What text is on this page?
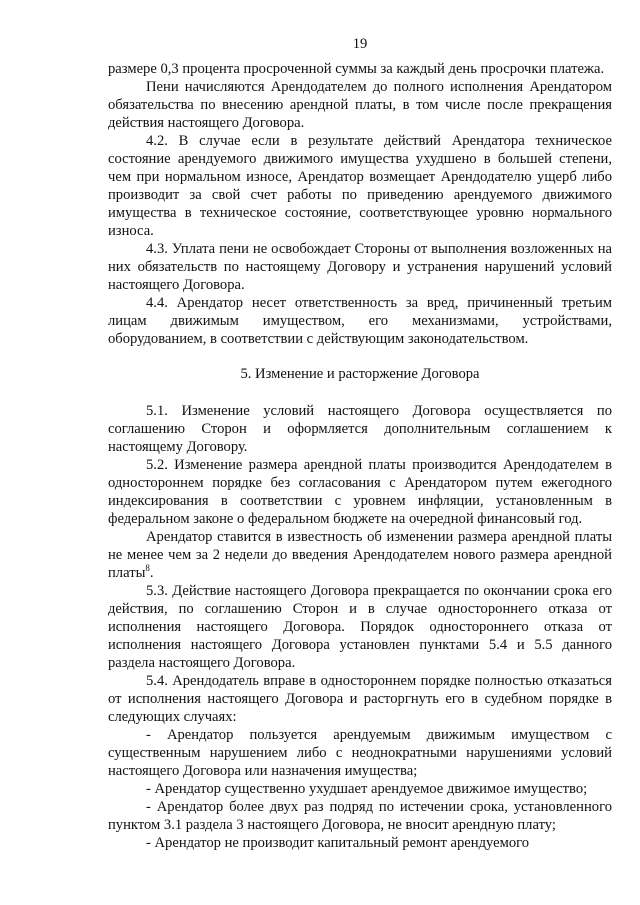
19

размере 0,3 процента просроченной суммы за каждый день просрочки платежа.

Пени начисляются Арендодателем до полного исполнения Арендатором обязательства по внесению арендной платы, в том числе после прекращения действия настоящего Договора.

4.2. В случае если в результате действий Арендатора техническое состояние арендуемого движимого имущества ухудшено в большей степени, чем при нормальном износе, Арендатор возмещает Арендодателю ущерб либо производит за свой счет работы по приведению арендуемого движимого имущества в техническое состояние, соответствующее уровню нормального износа.

4.3. Уплата пени не освобождает Стороны от выполнения возложенных на них обязательств по настоящему Договору и устранения нарушений условий настоящего Договора.

4.4. Арендатор несет ответственность за вред, причиненный третьим лицам движимым имуществом, его механизмами, устройствами, оборудованием, в соответствии с действующим законодательством.

5. Изменение и расторжение Договора

5.1. Изменение условий настоящего Договора осуществляется по соглашению Сторон и оформляется дополнительным соглашением к настоящему Договору.

5.2. Изменение размера арендной платы производится Арендодателем в одностороннем порядке без согласования с Арендатором путем ежегодного индексирования в соответствии с уровнем инфляции, установленным в федеральном законе о федеральном бюджете на очередной финансовый год.

Арендатор ставится в известность об изменении размера арендной платы не менее чем за 2 недели до введения Арендодателем нового размера арендной платы$^8$.

5.3. Действие настоящего Договора прекращается по окончании срока его действия, по соглашению Сторон и в случае одностороннего отказа от исполнения настоящего Договора. Порядок одностороннего отказа от исполнения настоящего Договора установлен пунктами 5.4 и 5.5 данного раздела настоящего Договора.

5.4. Арендодатель вправе в одностороннем порядке полностью отказаться от исполнения настоящего Договора и расторгнуть его в судебном порядке в следующих случаях:

- Арендатор пользуется арендуемым движимым имуществом с существенным нарушением либо с неоднократными нарушениями условий настоящего Договора или назначения имущества;

- Арендатор существенно ухудшает арендуемое движимое имущество;

- Арендатор более двух раз подряд по истечении срока, установленного пунктом 3.1 раздела 3 настоящего Договора, не вносит арендную плату;

- Арендатор не производит капитальный ремонт арендуемого
